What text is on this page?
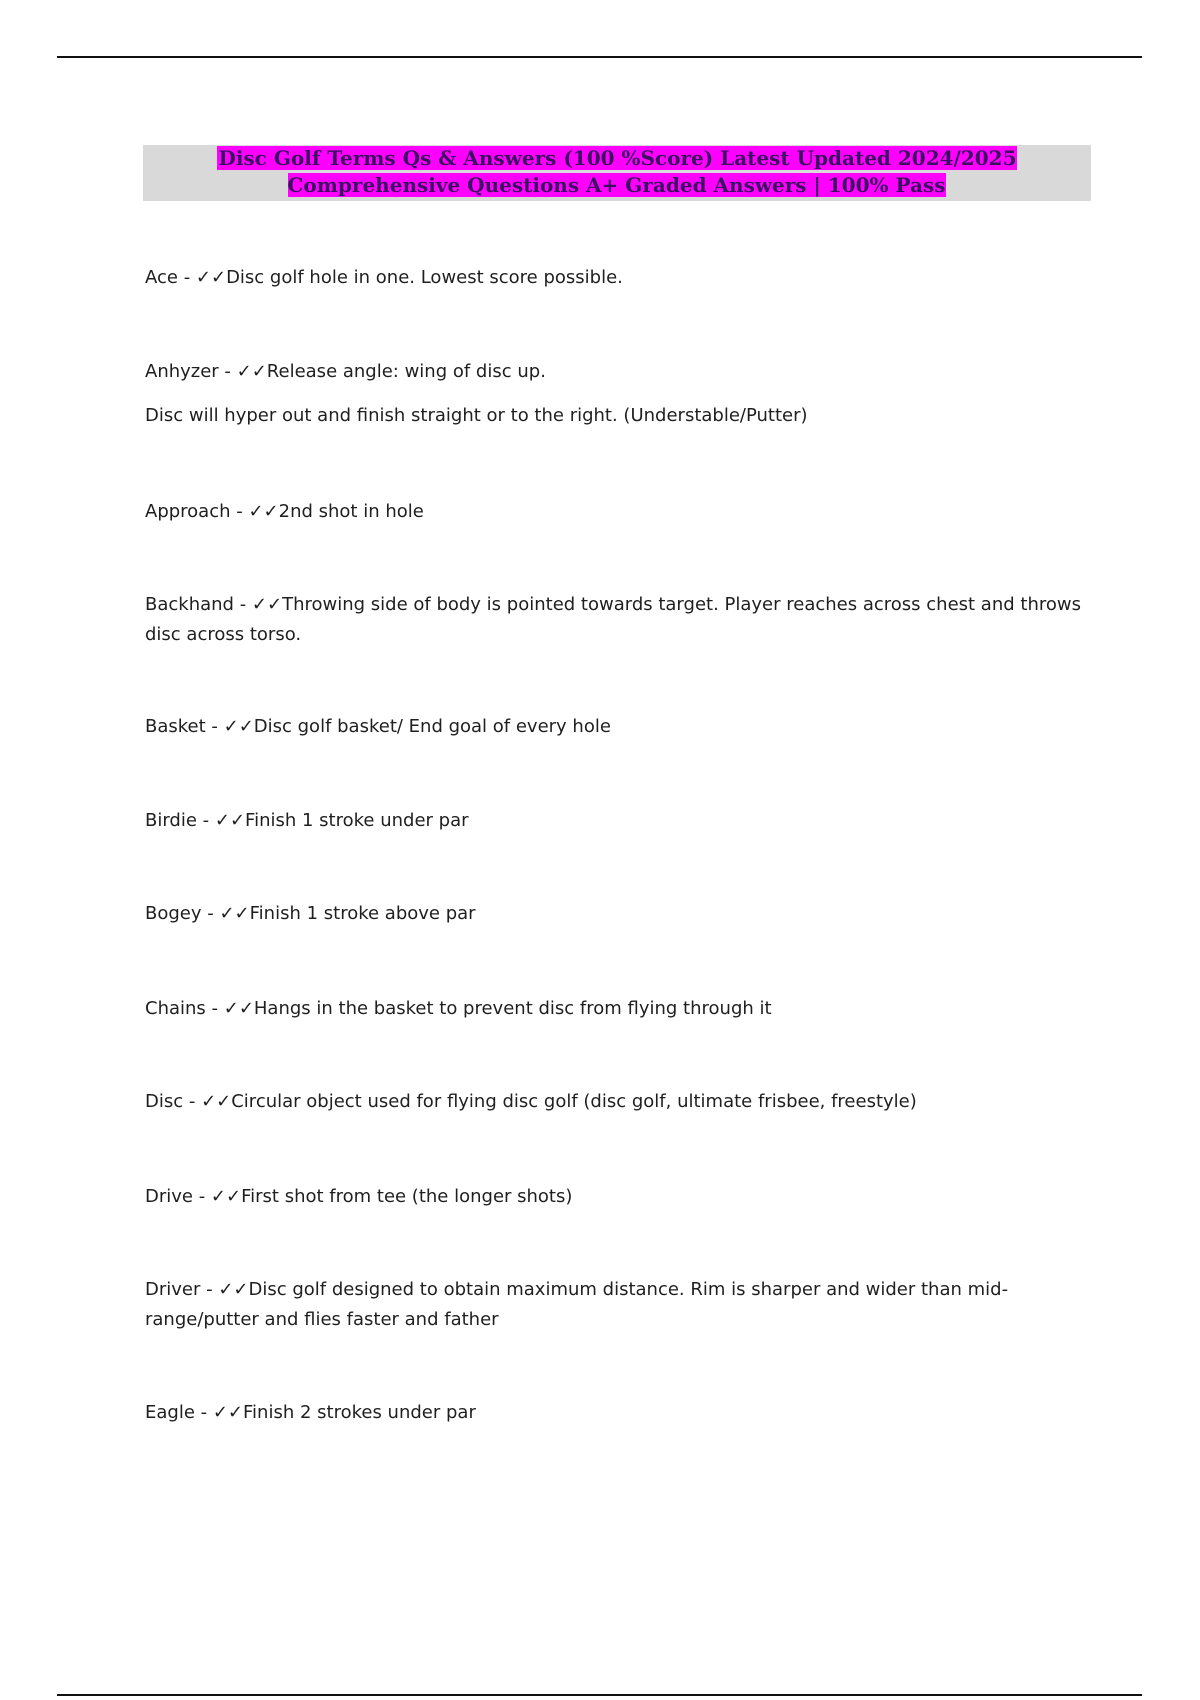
Disc Golf Terms Qs & Answers (100 %Score) Latest Updated 2024/2025 Comprehensive Questions A+ Graded Answers | 100% Pass

Ace - ✓✓Disc golf hole in one. Lowest score possible.

Anhyzer - ✓✓Release angle: wing of disc up.

Disc will hyper out and finish straight or to the right. (Understable/Putter)

Approach - ✓✓2nd shot in hole

Backhand - ✓✓Throwing side of body is pointed towards target. Player reaches across chest and throws disc across torso.

Basket - ✓✓Disc golf basket/ End goal of every hole

Birdie - ✓✓Finish 1 stroke under par

Bogey - ✓✓Finish 1 stroke above par

Chains - ✓✓Hangs in the basket to prevent disc from flying through it

Disc - ✓✓Circular object used for flying disc golf (disc golf, ultimate frisbee, freestyle)

Drive - ✓✓First shot from tee (the longer shots)

Driver - ✓✓Disc golf designed to obtain maximum distance. Rim is sharper and wider than mid-range/putter and flies faster and father

Eagle - ✓✓Finish 2 strokes under par
